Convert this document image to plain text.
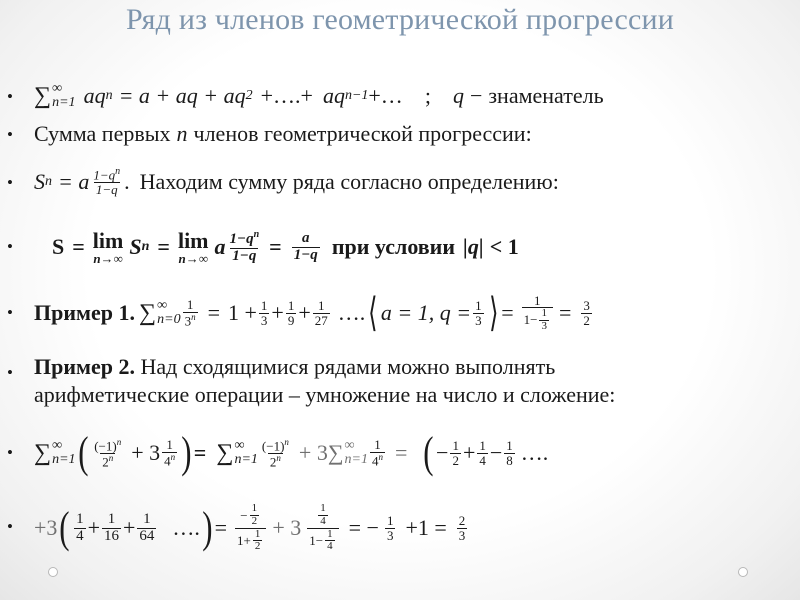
Ряд из членов геометрической прогрессии
• ∑ ∞
n=1 aq n = a + aq + aq 2 +….+ aq n−1 +… ; q − знаменатель
• Сумма первых n членов геометрической прогрессии:
• S n = a $\frac{1-q^n}{1-q}$ . Находим сумму ряда согласно определению:
• S = lim
n→∞ S n = lim
n→∞ a $\frac{1-q^n}{1-q} = \frac{a}{1-q}$ при условии |q| < 1
• Пример 1. ∑ ∞
$n=0 \frac{1}{3^n} = 1 + \frac{1}{3} + \frac{1}{9} + \frac{1}{27}$ …. ⟨ a = 1, $q = \frac{1}{3}$ ⟩ = $\frac{1}{1- \frac{1}{3}} = \frac{3}{2}$
• Пример 2. Над сходящимися рядами можно выполнять
арифметические операции – умножение на число и сложение:
• ∑ ∞
n=1 ( $\frac{(-1)^n}{2^n} + 3 \frac{1}{4^n}$ ) = ∑ ∞
$n=1 \frac{(-1)^n}{2^n} + 3\sum$ ∞
$n=1 \frac{1}{4^n}$ = ( − $\frac{1}{2} + \frac{1}{4} - \frac{1}{8}$ … .
• +3 ( $\frac{1}{4} + \frac{1}{16} + \frac{1}{64}$ …. ) = $\frac{- \frac{1}{2}}{1+ \frac{1}{2}} + 3 \frac{\frac{1}{4}}{1- \frac{1}{4}}$ = − $\frac{1}{3} +1 = \frac{2}{3}$
